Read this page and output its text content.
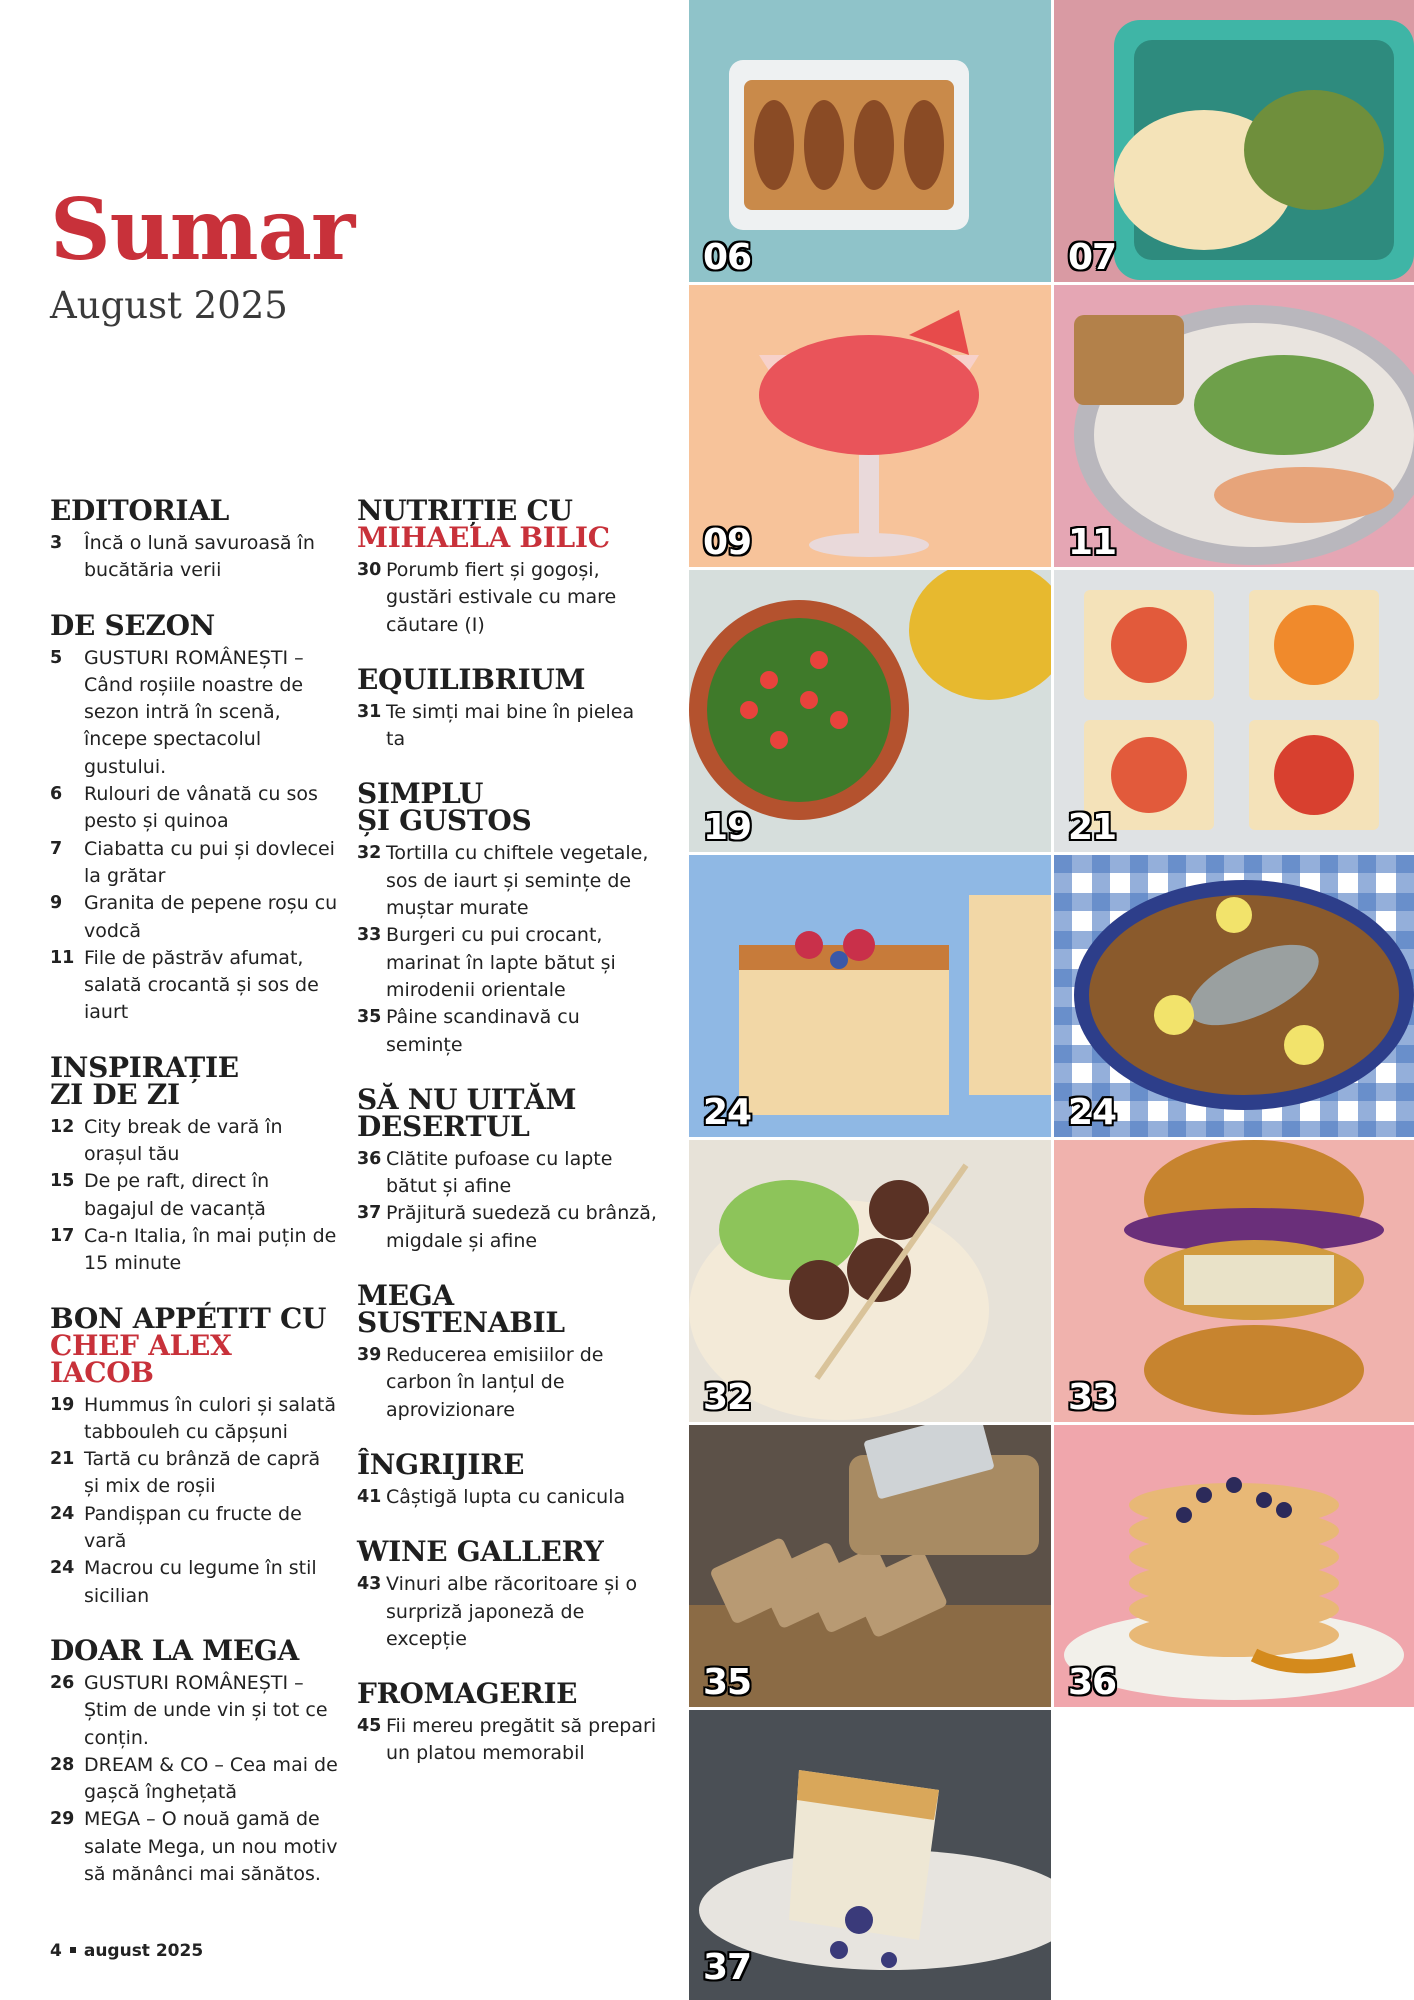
Sumar
August 2025
EDITORIAL
3	Încă o lună savuroasă în bucătăria verii
DE SEZON
5	GUSTURI ROMÂNEȘTI – Când roșiile noastre de sezon intră în scenă, începe spectacolul gustului.
6	Rulouri de vânată cu sos pesto și quinoa
7	Ciabatta cu pui și dovlecei la grătar
9	Granita de pepene roșu cu vodcă
11 File de păstrăv afumat, salată crocantă și sos de iaurt
INSPIRAȚIE
ZI DE ZI
12 City break de vară în orașul tău
15 De pe raft, direct în bagajul de vacanță
17 Ca-n Italia, în mai puțin de 15 minute
BON APPÉTIT CU
CHEF ALEX IACOB
19 Hummus în culori și salată tabbouleh cu căpșuni
21 Tartă cu brânză de capră și mix de roșii
24 Pandișpan cu fructe de vară
24 Macrou cu legume în stil sicilian
DOAR LA MEGA
26 GUSTURI ROMÂNEȘTI – Știm de unde vin și tot ce conțin.
28 DREAM & CO – Cea mai de gașcă înghețată
29 MEGA – O nouă gamă de salate Mega, un nou motiv să mănânci mai sănătos.
NUTRIȚIE CU
MIHAELA BILIC
30 Porumb fiert și gogoși, gustări estivale cu mare căutare (I)
EQUILIBRIUM
31 Te simți mai bine în pielea ta
SIMPLU
ȘI GUSTOS
32 Tortilla cu chiftele vegetale, sos de iaurt și semințe de muștar murate
33 Burgeri cu pui crocant, marinat în lapte bătut și mirodenii orientale
35 Pâine scandinavă cu semințe
SĂ NU UITĂM
DESERTUL
36 Clătite pufoase cu lapte bătut și afine
37 Prăjitură suedeză cu brânză, migdale și afine
MEGA
SUSTENABIL
39 Reducerea emisiilor de carbon în lanțul de aprovizionare
ÎNGRIJIRE
41 Câștigă lupta cu canicula
WINE GALLERY
43 Vinuri albe răcoritoare și o surpriză japoneză de excepție
FROMAGERIE
45 Fii mereu pregătit să prepari un platou memorabil
06	07
09	11
19	21
24	24
32	33
35	36
37
4 august 2025
